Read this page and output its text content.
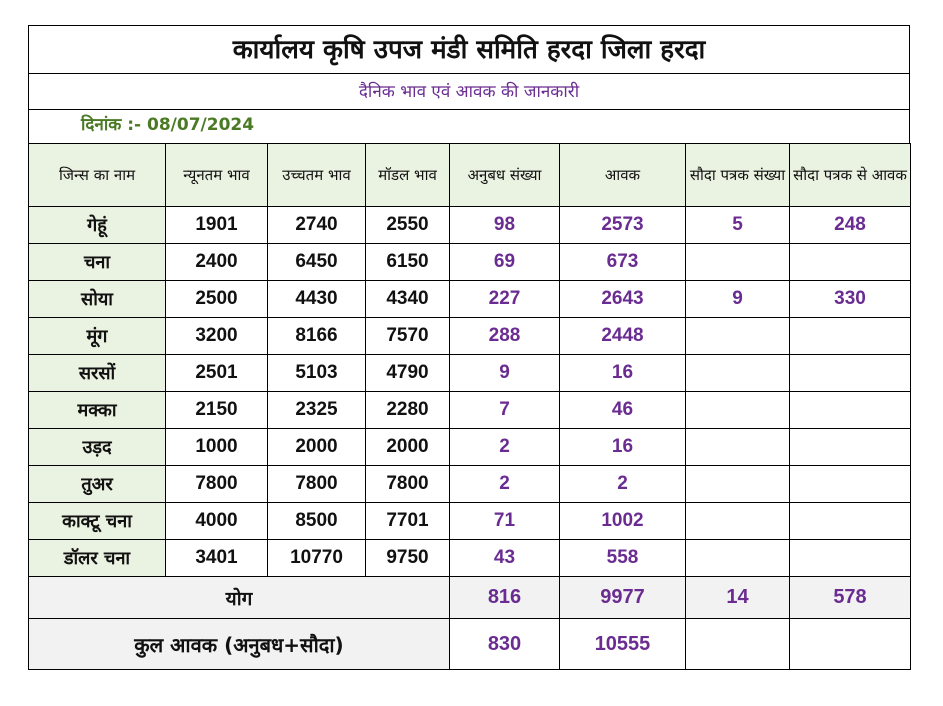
कार्यालय कृषि उपज मंडी समिति हरदा जिला हरदा
दैनिक भाव एवं आवक की जानकारी
दिनांक :- 08/07/2024
जिन्स का नाम	न्यूनतम भाव	उच्चतम भाव	मॉडल भाव	अनुबध संख्या	आवक	सौदा पत्रक संख्या	सौदा पत्रक से आवक
गेहूं	1901	2740	2550	98	2573	5	248
चना	2400	6450	6150	69	673		
सोया	2500	4430	4340	227	2643	9	330
मूंग	3200	8166	7570	288	2448		
सरसों	2501	5103	4790	9	16		
मक्का	2150	2325	2280	7	46		
उड़द	1000	2000	2000	2	16		
तुअर	7800	7800	7800	2	2		
काक्टू चना	4000	8500	7701	71	1002		
डॉलर चना	3401	10770	9750	43	558		
योग				816	9977	14	578
कुल आवक (अनुबध+सौदा)				830	10555		
